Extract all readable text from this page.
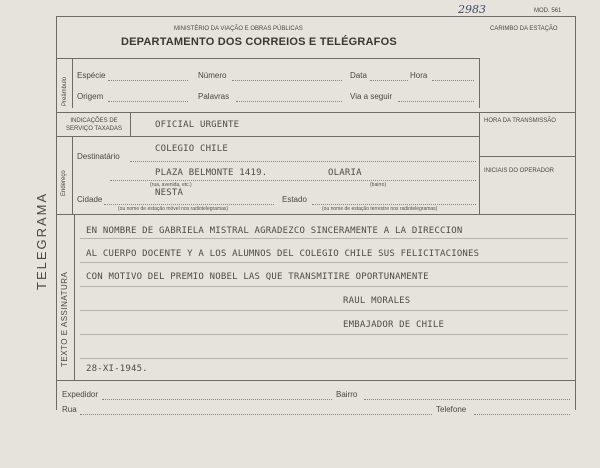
MINISTÉRIO DA VIAÇÃO E OBRAS PÚBLICAS
DEPARTAMENTO DOS CORREIOS E TELÉGRAFOS
2983	MOD. 561
CARIMBO DA ESTAÇÃO
Preâmbulo
Espécie	Número	Data	Hora
Origem	Palavras	Via a seguir
HORA DA TRANSMISSÃO
INICIAIS DO OPERADOR
INDICAÇÕES DE SERVIÇO TAXADAS	OFICIAL URGENTE
Endereço
Destinatário
COLEGIO CHILE
PLAZA BELMONTE 1419.	OLARIA
(rua, avenida, etc.)	(bairro)
Cidade
NESTA
Estado
(ou nome de estação móvel nos radiotelegramas)	(ou nome de estação terrestre nos radiotelegramas)
TELEGRAMA
TEXTO E ASSINATURA
EN NOMBRE DE GABRIELA MISTRAL AGRADEZCO SINCERAMENTE A LA DIRECCION
AL CUERPO DOCENTE Y A LOS ALUMNOS DEL COLEGIO CHILE SUS FELICITACIONES
CON MOTIVO DEL PREMIO NOBEL LAS QUE TRANSMITIRE OPORTUNAMENTE
RAUL MORALES
EMBAJADOR DE CHILE
28-XI-1945.
Expedidor	Bairro
Rua	Telefone
